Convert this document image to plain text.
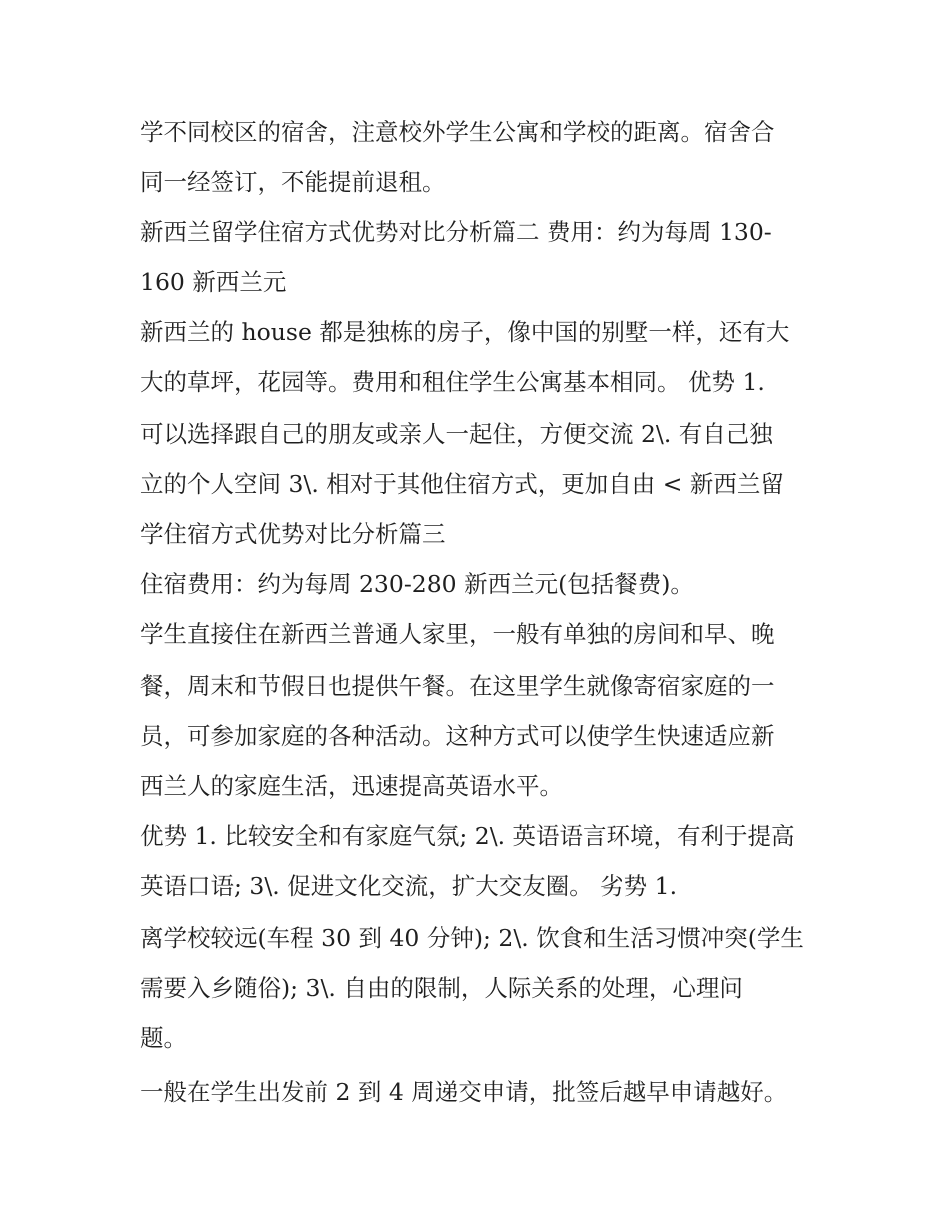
学不同校区的宿舍，注意校外学生公寓和学校的距离。宿舍合
同一经签订，不能提前退租。
新西兰留学住宿方式优势对比分析篇二 费用：约为每周 130-
160 新西兰元
新西兰的 house 都是独栋的房子，像中国的别墅一样，还有大
大的草坪，花园等。费用和租住学生公寓基本相同。 优势 1.
可以选择跟自己的朋友或亲人一起住，方便交流 2\. 有自己独
立的个人空间 3\. 相对于其他住宿方式，更加自由 < 新西兰留
学住宿方式优势对比分析篇三
住宿费用：约为每周 230-280 新西兰元(包括餐费)。
学生直接住在新西兰普通人家里，一般有单独的房间和早、晚
餐，周末和节假日也提供午餐。在这里学生就像寄宿家庭的一
员，可参加家庭的各种活动。这种方式可以使学生快速适应新
西兰人的家庭生活，迅速提高英语水平。
优势 1. 比较安全和有家庭气氛; 2\. 英语语言环境，有利于提高
英语口语; 3\. 促进文化交流，扩大交友圈。 劣势 1.
离学校较远(车程 30 到 40 分钟); 2\. 饮食和生活习惯冲突(学生
需要入乡随俗); 3\. 自由的限制，人际关系的处理，心理问
题。
一般在学生出发前 2 到 4 周递交申请，批签后越早申请越好。
